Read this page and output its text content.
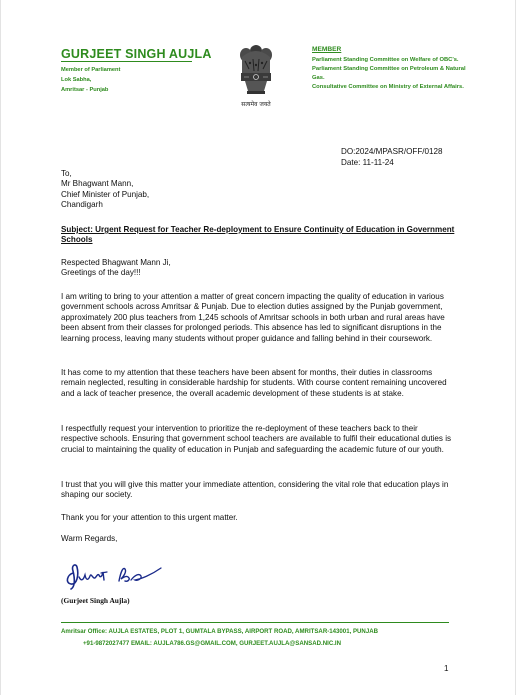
GURJEET SINGH AUJLA
Member of Parliament
Lok Sabha,
Amritsar - Punjab
सत्यमेव जयते
MEMBER
Parliament Standing Committee on Welfare of OBC's.
Parliament Standing Committee on Petroleum & Natural Gas.
Consultative Committee on Ministry of External Affairs.
DO:2024/MPASR/OFF/0128
Date: 11-11-24
To,
Mr Bhagwant Mann,
Chief Minister of Punjab,
Chandigarh
Subject: Urgent Request for Teacher Re-deployment to Ensure Continuity of Education in Government Schools
Respected Bhagwant Mann Ji,
Greetings of the day!!!

I am writing to bring to your attention a matter of great concern impacting the quality of education in various government schools across Amritsar & Punjab. Due to election duties assigned by the Punjab government, approximately 200 plus teachers from 1,245 schools of Amritsar schools in both urban and rural areas have been absent from their classes for prolonged periods. This absence has led to significant disruptions in the learning process, leaving many students without proper guidance and falling behind in their coursework.

It has come to my attention that these teachers have been absent for months, their duties in classrooms remain neglected, resulting in considerable hardship for students. With course content remaining uncovered and a lack of teacher presence, the overall academic development of these students is at stake.

I respectfully request your intervention to prioritize the re-deployment of these teachers back to their respective schools. Ensuring that government school teachers are available to fulfil their educational duties is crucial to maintaining the quality of education in Punjab and safeguarding the academic future of our youth.

I trust that you will give this matter your immediate attention, considering the vital role that education plays in shaping our society.

Thank you for your attention to this urgent matter.

Warm Regards,
(Gurjeet Singh Aujla)
Amritsar Office: AUJLA ESTATES, PLOT 1, GUMTALA BYPASS, AIRPORT ROAD, AMRITSAR-143001, PUNJAB
+91-9872027477 EMAIL: AUJLA786.GS@GMAIL.COM, GURJEET.AUJLA@SANSAD.NIC.IN
1
